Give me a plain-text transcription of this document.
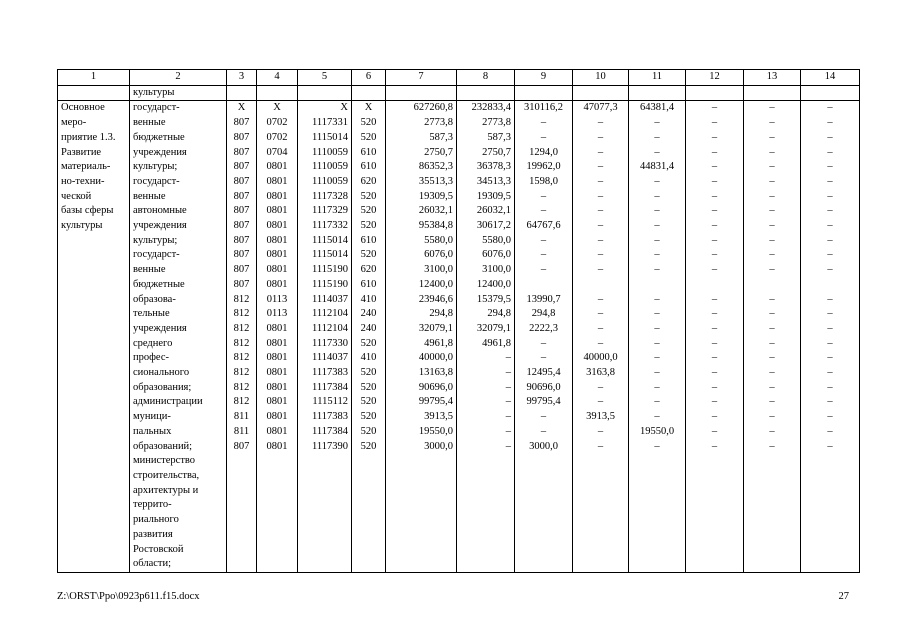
1	2	3	4	5	6	7	8	9	10	11	12	13	14
	культуры												
Основное	государст-	Х	Х	Х	Х	627260,8	232833,4	310116,2	47077,3	64381,4	–	–	–
меро-	венные	807	0702	1117331	520	2773,8	2773,8	–	–	–	–	–	–
приятие 1.3.	бюджетные	807	0702	1115014	520	587,3	587,3	–	–	–	–	–	–
Развитие	учреждения	807	0704	1110059	610	2750,7	2750,7	1294,0	–	–	–	–	–
материаль-	культуры;	807	0801	1110059	610	86352,3	36378,3	19962,0	–	44831,4	–	–	–
но-техни-	государст-	807	0801	1110059	620	35513,3	34513,3	1598,0	–	–	–	–	–
ческой	венные	807	0801	1117328	520	19309,5	19309,5	–	–	–	–	–	–
базы сферы	автономные	807	0801	1117329	520	26032,1	26032,1	–	–	–	–	–	–
культуры	учреждения	807	0801	1117332	520	95384,8	30617,2	64767,6	–	–	–	–	–
	культуры;	807	0801	1115014	610	5580,0	5580,0	–	–	–	–	–	–
	государст-	807	0801	1115014	520	6076,0	6076,0	–	–	–	–	–	–
	венные	807	0801	1115190	620	3100,0	3100,0	–	–	–	–	–	–
	бюджетные	807	0801	1115190	610	12400,0	12400,0						
	образова-	812	0113	1114037	410	23946,6	15379,5	13990,7	–	–	–	–	–
	тельные	812	0113	1112104	240	294,8	294,8	294,8	–	–	–	–	–
	учреждения	812	0801	1112104	240	32079,1	32079,1	2222,3	–	–	–	–	–
	среднего	812	0801	1117330	520	4961,8	4961,8	–	–	–	–	–	–
	профес-	812	0801	1114037	410	40000,0	–	–	40000,0	–	–	–	–
	сионального	812	0801	1117383	520	13163,8	–	12495,4	3163,8	–	–	–	–
	образования;	812	0801	1117384	520	90696,0	–	90696,0	–	–	–	–	–
	администрации	812	0801	1115112	520	99795,4	–	99795,4	–	–	–	–	–
	муници-	811	0801	1117383	520	3913,5	–	–	3913,5	–	–	–	–
	пальных	811	0801	1117384	520	19550,0	–	–	–	19550,0	–	–	–
	образований;	807	0801	1117390	520	3000,0	–	3000,0	–	–	–	–	–
	министерство												
	строительства,												
	архитектуры и												
	террито-												
	риального												
	развития												
	Ростовской												
	области;												
Z:\ORST\Ppo\0923p611.f15.docx	27
